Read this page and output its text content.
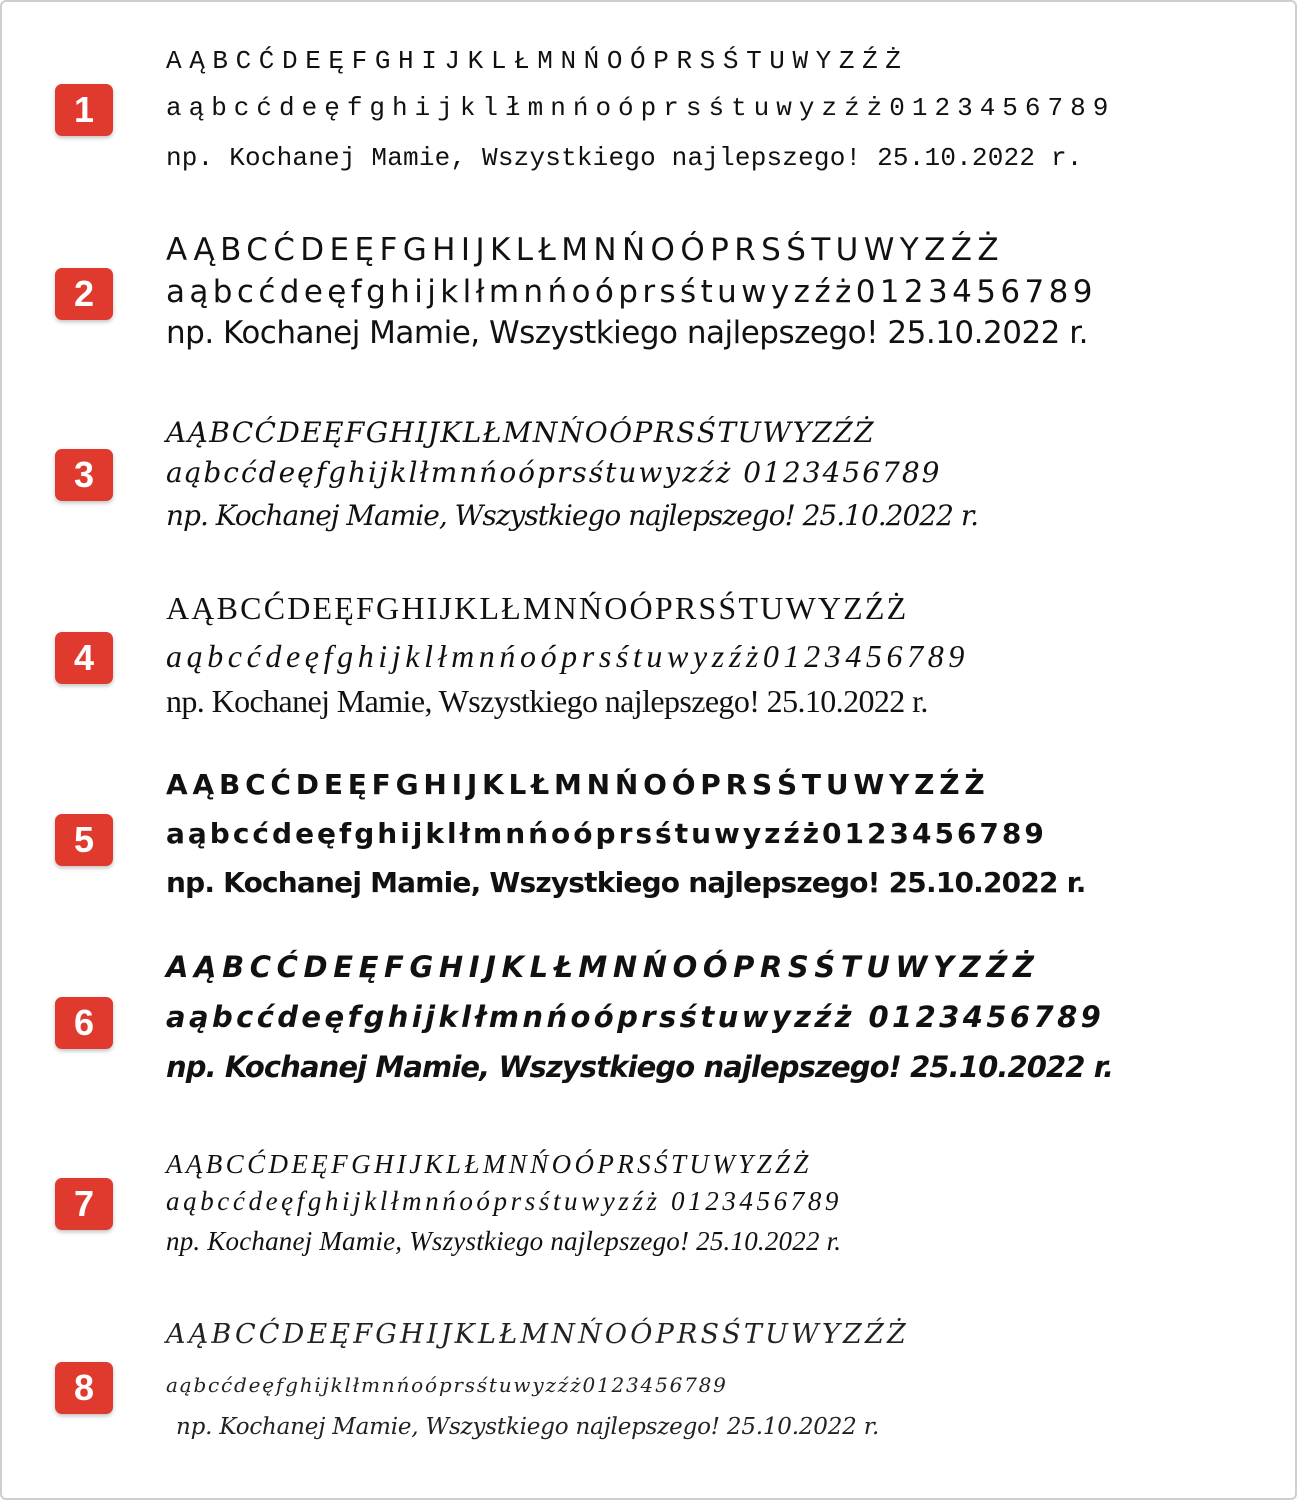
1
AĄBCĆDEĘFGHIJKLŁMNŃOÓPRSŚTUWYZŹŻ
aąbcćdeęfghijklłmnńoóprsśtuwyzźż0123456789
np. Kochanej Mamie, Wszystkiego najlepszego! 25.10.2022 r.
2
AĄBCĆDEĘFGHIJKLŁMNŃOÓPRSŚTUWYZŹŻ
aąbcćdeęfghijklłmnńoóprsśtuwyzźż0123456789
np. Kochanej Mamie, Wszystkiego najlepszego! 25.10.2022 r.
3
AĄBCĆDEĘFGHIJKLŁMNŃOÓPRSŚTUWYZŹŻ
aąbcćdeęfghijklłmnńoóprsśtuwyzźż 0123456789
np. Kochanej Mamie, Wszystkiego najlepszego! 25.10.2022 r.
4
AĄBCĆDEĘFGHIJKLŁMNŃOÓPRSŚTUWYZŹŻ
aąbcćdeęfghijklłmnńoóprsśtuwyzźż0123456789
np. Kochanej Mamie, Wszystkiego najlepszego! 25.10.2022 r.
5
AĄBCĆDEĘFGHIJKLŁMNŃOÓPRSŚTUWYZŹŻ
aąbcćdeęfghijklłmnńoóprsśtuwyzźż0123456789
np. Kochanej Mamie, Wszystkiego najlepszego! 25.10.2022 r.
6
AĄBCĆDEĘFGHIJKLŁMNŃOÓPRSŚTUWYZŹŻ
aąbcćdeęfghijklłmnńoóprsśtuwyzźż 0123456789
np. Kochanej Mamie, Wszystkiego najlepszego! 25.10.2022 r.
7
AĄBCĆDEĘFGHIJKLŁMNŃOÓPRSŚTUWYZŹŻ
aąbcćdeęfghijklłmnńoóprsśtuwyzźż 0123456789
np. Kochanej Mamie, Wszystkiego najlepszego! 25.10.2022 r.
8
AĄBCĆDEĘFGHIJKLŁMNŃOÓPRSŚTUWYZŹŻ
aąbcćdeęfghijklłmnńoóprsśtuwyzźż0123456789
np. Kochanej Mamie, Wszystkiego najlepszego! 25.10.2022 r.
